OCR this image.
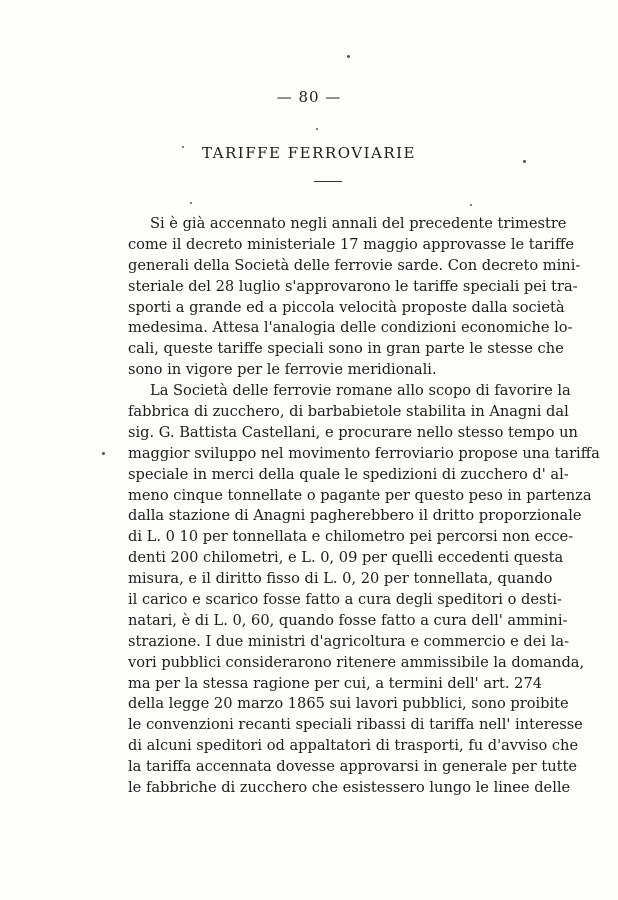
— 80 —
TARIFFE FERROVIARIE
Si è già accennato negli annali del precedente trimestre
come il decreto ministeriale 17 maggio approvasse le tariffe
generali della Società delle ferrovie sarde. Con decreto mini-
steriale del 28 luglio s'approvarono le tariffe speciali pei tra-
sporti a grande ed a piccola velocità proposte dalla società
medesima. Attesa l'analogia delle condizioni economiche lo-
cali, queste tariffe speciali sono in gran parte le stesse che
sono in vigore per le ferrovie meridionali.
La Società delle ferrovie romane allo scopo di favorire la
fabbrica di zucchero, di barbabietole stabilita in Anagni dal
sig. G. Battista Castellani, e procurare nello stesso tempo un
maggior sviluppo nel movimento ferroviario propose una tariffa
speciale in merci della quale le spedizioni di zucchero d' al-
meno cinque tonnellate o pagante per questo peso in partenza
dalla stazione di Anagni pagherebbero il dritto proporzionale
di L. 0 10 per tonnellata e chilometro pei percorsi non ecce-
denti 200 chilometri, e L. 0, 09 per quelli eccedenti questa
misura, e il diritto fisso di L. 0, 20 per tonnellata, quando
il carico e scarico fosse fatto a cura degli speditori o desti-
natari, è di L. 0, 60, quando fosse fatto a cura dell' ammini-
strazione. I due ministri d'agricoltura e commercio e dei la-
vori pubblici considerarono ritenere ammissibile la domanda,
ma per la stessa ragione per cui, a termini dell' art. 274
della legge 20 marzo 1865 sui lavori pubblici, sono proibite
le convenzioni recanti speciali ribassi di tariffa nell' interesse
di alcuni speditori od appaltatori di trasporti, fu d'avviso che
la tariffa accennata dovesse approvarsi in generale per tutte
le fabbriche di zucchero che esistessero lungo le linee delle
